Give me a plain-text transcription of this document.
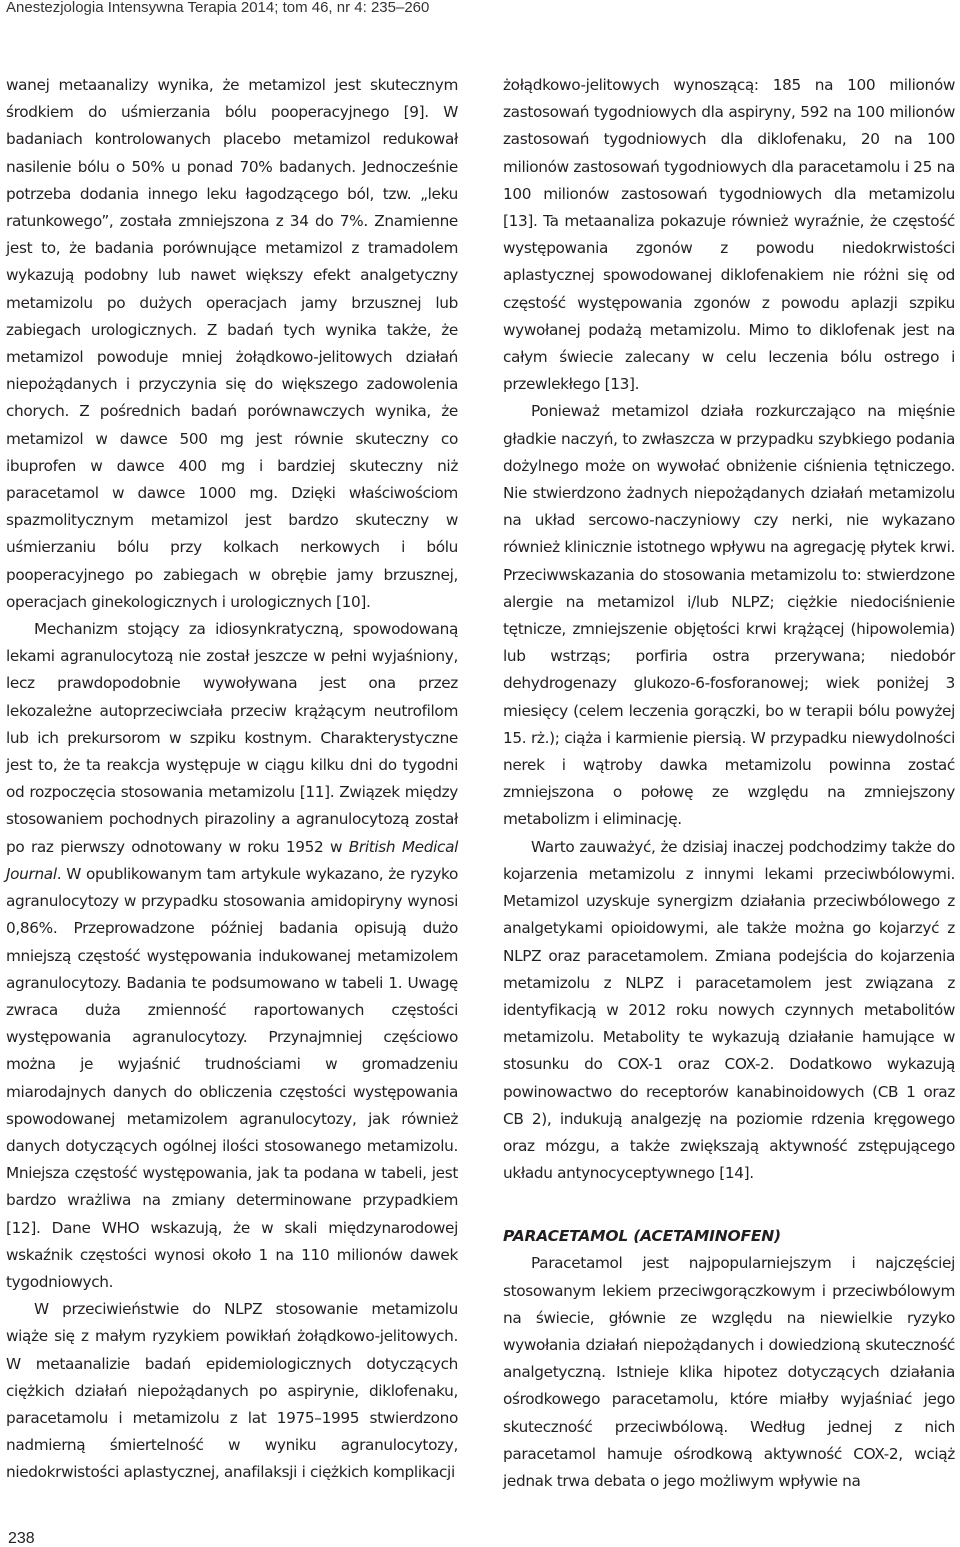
Anestezjologia Intensywna Terapia 2014; tom 46, nr 4: 235–260

wanej metaanalizy wynika, że metamizol jest skutecznym środkiem do uśmierzania bólu pooperacyjnego [9]. W badaniach kontrolowanych placebo metamizol redukował nasilenie bólu o 50% u ponad 70% badanych. Jednocześnie potrzeba dodania innego leku łagodzącego ból, tzw. „leku ratunkowego”, została zmniejszona z 34 do 7%. Znamienne jest to, że badania porównujące metamizol z tramadolem wykazują podobny lub nawet większy efekt analgetyczny metamizolu po dużych operacjach jamy brzusznej lub zabiegach urologicznych. Z badań tych wynika także, że metamizol powoduje mniej żołądkowo-jelitowych działań niepożądanych i przyczynia się do większego zadowolenia chorych. Z pośrednich badań porównawczych wynika, że metamizol w dawce 500 mg jest równie skuteczny co ibuprofen w dawce 400 mg i bardziej skuteczny niż paracetamol w dawce 1000 mg. Dzięki właściwościom spazmolitycznym metamizol jest bardzo skuteczny w uśmierzaniu bólu przy kolkach nerkowych i bólu pooperacyjnego po zabiegach w obrębie jamy brzusznej, operacjach ginekologicznych i urologicznych [10].

Mechanizm stojący za idiosynkratyczną, spowodowaną lekami agranulocytozą nie został jeszcze w pełni wyjaśniony, lecz prawdopodobnie wywoływana jest ona przez lekozależne autoprzeciwciała przeciw krążącym neutrofilom lub ich prekursorom w szpiku kostnym. Charakterystyczne jest to, że ta reakcja występuje w ciągu kilku dni do tygodni od rozpoczęcia stosowania metamizolu [11]. Związek między stosowaniem pochodnych pirazoliny a agranulocytozą został po raz pierwszy odnotowany w roku 1952 w British Medical Journal. W opublikowanym tam artykule wykazano, że ryzyko agranulocytozy w przypadku stosowania amidopiryny wynosi 0,86%. Przeprowadzone później badania opisują dużo mniejszą częstość występowania indukowanej metamizolem agranulocytozy. Badania te podsumowano w tabeli 1. Uwagę zwraca duża zmienność raportowanych częstości występowania agranulocytozy. Przynajmniej częściowo można je wyjaśnić trudnościami w gromadzeniu miarodajnych danych do obliczenia częstości występowania spowodowanej metamizolem agranulocytozy, jak również danych dotyczących ogólnej ilości stosowanego metamizolu. Mniejsza częstość występowania, jak ta podana w tabeli, jest bardzo wrażliwa na zmiany determinowane przypadkiem [12]. Dane WHO wskazują, że w skali międzynarodowej wskaźnik częstości wynosi około 1 na 110 milionów dawek tygodniowych.

W przeciwieństwie do NLPZ stosowanie metamizolu wiąże się z małym ryzykiem powikłań żołądkowo-jelitowych. W metaanalizie badań epidemiologicznych dotyczących ciężkich działań niepożądanych po aspirynie, diklofenaku, paracetamolu i metamizolu z lat 1975–1995 stwierdzono nadmierną śmiertelność w wyniku agranulocytozy, niedokrwistości aplastycznej, anafilaksji i ciężkich komplikacji

żołądkowo-jelitowych wynoszącą: 185 na 100 milionów zastosowań tygodniowych dla aspiryny, 592 na 100 milionów zastosowań tygodniowych dla diklofenaku, 20 na 100 milionów zastosowań tygodniowych dla paracetamolu i 25 na 100 milionów zastosowań tygodniowych dla metamizolu [13]. Ta metaanaliza pokazuje również wyraźnie, że częstość występowania zgonów z powodu niedokrwistości aplastycznej spowodowanej diklofenakiem nie różni się od częstość występowania zgonów z powodu aplazji szpiku wywołanej podażą metamizolu. Mimo to diklofenak jest na całym świecie zalecany w celu leczenia bólu ostrego i przewlekłego [13].

Ponieważ metamizol działa rozkurczająco na mięśnie gładkie naczyń, to zwłaszcza w przypadku szybkiego podania dożylnego może on wywołać obniżenie ciśnienia tętniczego. Nie stwierdzono żadnych niepożądanych działań metamizolu na układ sercowo-naczyniowy czy nerki, nie wykazano również klinicznie istotnego wpływu na agregację płytek krwi. Przeciwwskazania do stosowania metamizolu to: stwierdzone alergie na metamizol i/lub NLPZ; ciężkie niedociśnienie tętnicze, zmniejszenie objętości krwi krążącej (hipowolemia) lub wstrząs; porfiria ostra przerywana; niedobór dehydrogenazy glukozo-6-fosforanowej; wiek poniżej 3 miesięcy (celem leczenia gorączki, bo w terapii bólu powyżej 15. rż.); ciąża i karmienie piersią. W przypadku niewydolności nerek i wątroby dawka metamizolu powinna zostać zmniejszona o połowę ze względu na zmniejszony metabolizm i eliminację.

Warto zauważyć, że dzisiaj inaczej podchodzimy także do kojarzenia metamizolu z innymi lekami przeciwbólowymi. Metamizol uzyskuje synergizm działania przeciwbólowego z analgetykami opioidowymi, ale także można go kojarzyć z NLPZ oraz paracetamolem. Zmiana podejścia do kojarzenia metamizolu z NLPZ i paracetamolem jest związana z identyfikacją w 2012 roku nowych czynnych metabolitów metamizolu. Metabolity te wykazują działanie hamujące w stosunku do COX-1 oraz COX-2. Dodatkowo wykazują powinowactwo do receptorów kanabinoidowych (CB 1 oraz CB 2), indukują analgezję na poziomie rdzenia kręgowego oraz mózgu, a także zwiększają aktywność zstępującego układu antynocyceptywnego [14].

PARACETAMOL (ACETAMINOFEN)

Paracetamol jest najpopularniejszym i najczęściej stosowanym lekiem przeciwgorączkowym i przeciwbólowym na świecie, głównie ze względu na niewielkie ryzyko wywołania działań niepożądanych i dowiedzioną skuteczność analgetyczną. Istnieje klika hipotez dotyczących działania ośrodkowego paracetamolu, które miałby wyjaśniać jego skuteczność przeciwbólową. Według jednej z nich paracetamol hamuje ośrodkową aktywność COX-2, wciąż jednak trwa debata o jego możliwym wpływie na

238
